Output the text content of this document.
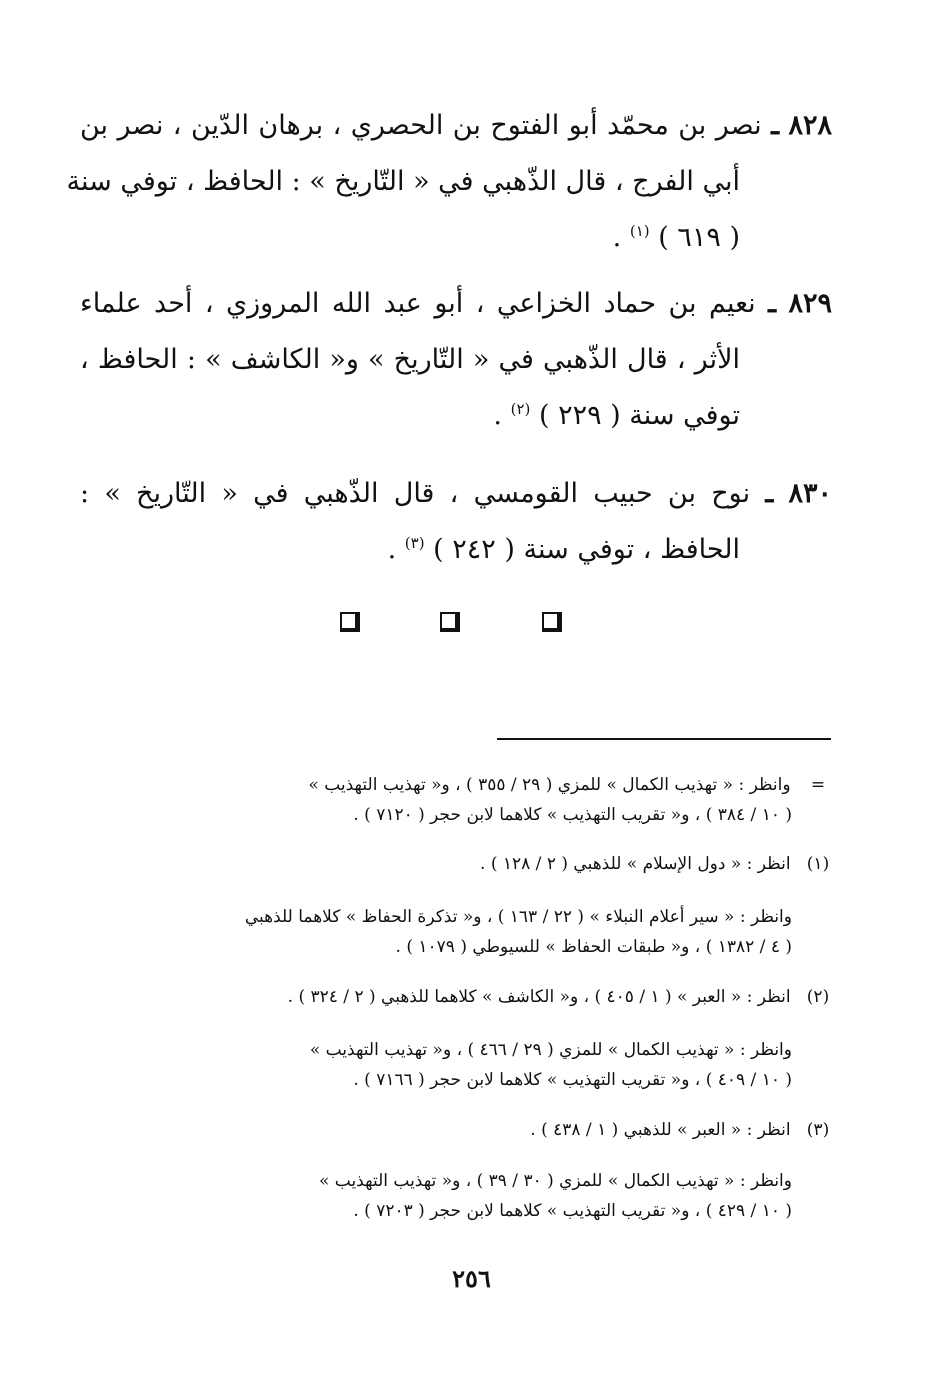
٨٢٨ ـ نصر بن محمّد أبو الفتوح بن الحصري ، برهان الدّين ، نصر بن
أبي الفرج ، قال الذّهبي في « التّاريخ » : الحافظ ، توفي سنة
( ٦١٩ ) $^{(١)}$ .
٨٢٩ ـ نعيم بن حماد الخزاعي ، أبو عبد الله المروزي ، أحد علماء
الأثر ، قال الذّهبي في « التّاريخ » و« الكاشف » : الحافظ ،
توفي سنة ( ٢٢٩ ) $^{(٢)}$ .
٨٣٠ ـ نوح بن حبيب القومسي ، قال الذّهبي في « التّاريخ » :
الحافظ ، توفي سنة ( ٢٤٢ ) $^{(٣)}$ .
= وانظر : « تهذيب الكمال » للمزي ( ٢٩ / ٣٥٥ ) ، و« تهذيب التهذيب »
( ١٠ / ٣٨٤ ) ، و« تقريب التهذيب » كلاهما لابن حجر ( ٧١٢٠ ) .
(١) انظر : « دول الإسلام » للذهبي ( ٢ / ١٢٨ ) .
وانظر : « سير أعلام النبلاء » ( ٢٢ / ١٦٣ ) ، و« تذكرة الحفاظ » كلاهما للذهبي
( ٤ / ١٣٨٢ ) ، و« طبقات الحفاظ » للسيوطي ( ١٠٧٩ ) .
(٢) انظر : « العبر » ( ١ / ٤٠٥ ) ، و« الكاشف » كلاهما للذهبي ( ٢ / ٣٢٤ ) .
وانظر : « تهذيب الكمال » للمزي ( ٢٩ / ٤٦٦ ) ، و« تهذيب التهذيب »
( ١٠ / ٤٠٩ ) ، و« تقريب التهذيب » كلاهما لابن حجر ( ٧١٦٦ ) .
(٣) انظر : « العبر » للذهبي ( ١ / ٤٣٨ ) .
وانظر : « تهذيب الكمال » للمزي ( ٣٠ / ٣٩ ) ، و« تهذيب التهذيب »
( ١٠ / ٤٢٩ ) ، و« تقريب التهذيب » كلاهما لابن حجر ( ٧٢٠٣ ) .
٢٥٦
